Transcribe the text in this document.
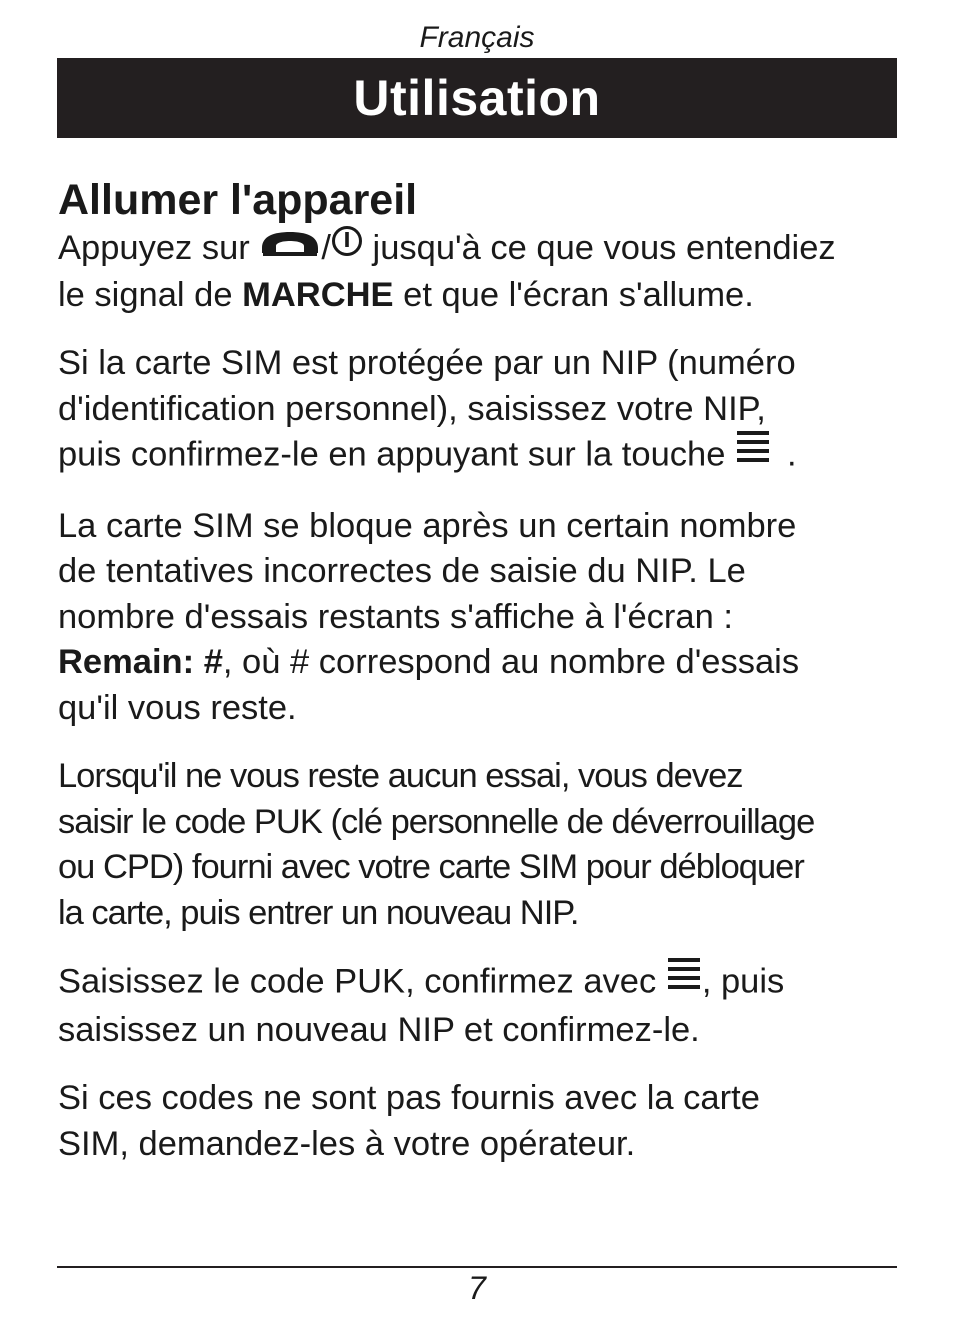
Français
Utilisation
Allumer l'appareil

Appuyez sur / jusqu'à ce que vous entendiez
le signal de MARCHE et que l'écran s'allume.

Si la carte SIM est protégée par un NIP (numéro
d'identification personnel), saisissez votre NIP,
puis confirmez-le en appuyant sur la touche .

La carte SIM se bloque après un certain nombre
de tentatives incorrectes de saisie du NIP. Le
nombre d'essais restants s'affiche à l'écran :
Remain: #, où # correspond au nombre d'essais
qu'il vous reste.

Lorsqu'il ne vous reste aucun essai, vous devez
saisir le code PUK (clé personnelle de déverrouillage
ou CPD) fourni avec votre carte SIM pour débloquer
la carte, puis entrer un nouveau NIP.

Saisissez le code PUK, confirmez avec , puis
saisissez un nouveau NIP et confirmez-le.

Si ces codes ne sont pas fournis avec la carte
SIM, demandez-les à votre opérateur.

7
